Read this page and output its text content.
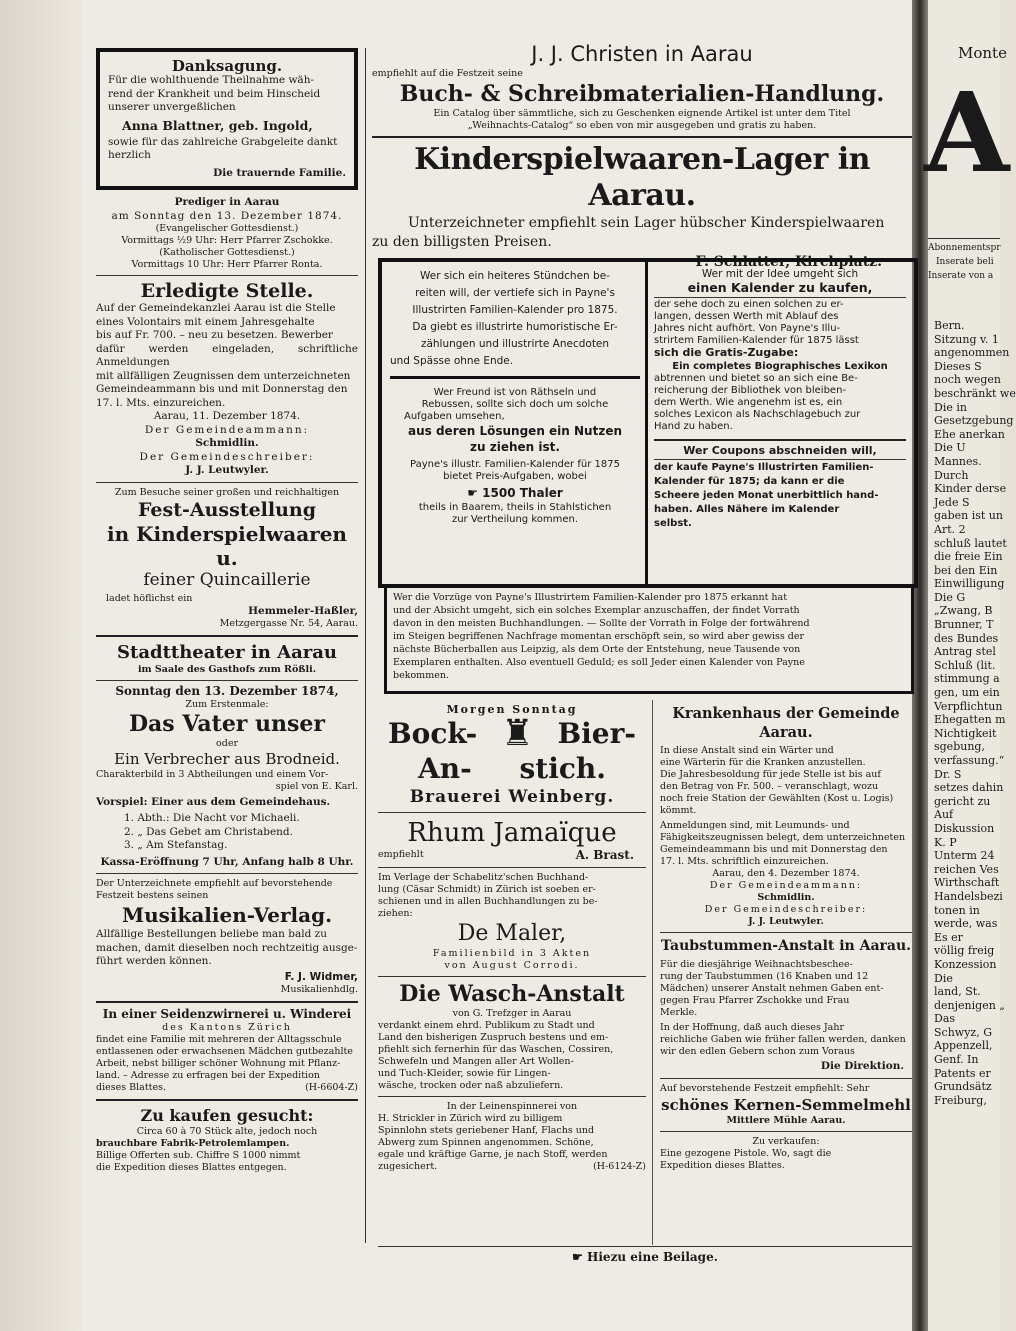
Danksagung.

Für die wohlthuende Theilnahme wäh-

rend der Krankheit und beim Hinscheid

unserer unvergeßlichen

Anna Blattner, geb. Ingold,

sowie für das zahlreiche Grabgeleite dankt

herzlich

Die trauernde Familie.

Prediger in Aarau

am Sonntag den 13. Dezember 1874.

(Evangelischer Gottesdienst.)

Vormittags ½9 Uhr: Herr Pfarrer Zschokke.

(Katholischer Gottesdienst.)

Vormittags 10 Uhr: Herr Pfarrer Ronta.

Erledigte Stelle.

Auf der Gemeindekanzlei Aarau ist die Stelle

eines Volontairs mit einem Jahresgehalte

bis auf Fr. 700. – neu zu besetzen. Bewerber

dafür werden eingeladen, schriftliche Anmeldungen

mit allfälligen Zeugnissen dem unterzeichneten

Gemeindeammann bis und mit Donnerstag den

17. l. Mts. einzureichen.

Aarau, 11. Dezember 1874.

Der Gemeindeammann:

Schmidlin.

Der Gemeindeschreiber:

J. J. Leutwyler.

Zum Besuche seiner großen und reichhaltigen

Fest-Ausstellung

in Kinderspielwaaren u.

feiner Quincaillerie

ladet höflichst ein

Hemmeler-Haßler,

Metzgergasse Nr. 54, Aarau.

Stadttheater in Aarau

im Saale des Gasthofs zum Rößli.

Sonntag den 13. Dezember 1874,

Zum Erstenmale:

Das Vater unser

oder

Ein Verbrecher aus Brodneid.

Charakterbild in 3 Abtheilungen und einem Vor-

spiel von E. Karl.

Vorspiel: Einer aus dem Gemeindehaus.

1. Abth.: Die Nacht vor Michaeli.

2. „ Das Gebet am Christabend.

3. „ Am Stefanstag.

Kassa-Eröffnung 7 Uhr, Anfang halb 8 Uhr.

Der Unterzeichnete empfiehlt auf bevorstehende

Festzeit bestens seinen

Musikalien-Verlag.

Allfällige Bestellungen beliebe man bald zu

machen, damit dieselben noch rechtzeitig ausge-

führt werden können.

F. J. Widmer,

Musikalienhdlg.

In einer Seidenzwirnerei u. Winderei

des Kantons Zürich

findet eine Familie mit mehreren der Alltagsschule

entlassenen oder erwachsenen Mädchen gutbezahlte

Arbeit, nebst billiger schöner Wohnung mit Pflanz-

land. – Adresse zu erfragen bei der Expedition

dieses Blattes.	(H-6604-Z)

Zu kaufen gesucht:

Circa 60 à 70 Stück alte, jedoch noch

brauchbare Fabrik-Petrolemlampen.

Billige Offerten sub. Chiffre S 1000 nimmt

die Expedition dieses Blattes entgegen.

J. J. Christen in Aarau

empfiehlt auf die Festzeit seine

Buch- & Schreibmaterialien-Handlung.

Ein Catalog über sämmtliche, sich zu Geschenken eignende Artikel ist unter dem Titel

„Weihnachts-Catalog“ so eben von mir ausgegeben und gratis zu haben.

Kinderspielwaaren-Lager in Aarau.

Unterzeichneter empfiehlt sein Lager hübscher Kinderspielwaaren

zu den billigsten Preisen.

F. Schlatter, Kirchplatz.

Wer sich ein heiteres Stündchen be-

reiten will, der vertiefe sich in Payne's

Illustrirten Familien-Kalender pro 1875.

Da giebt es illustrirte humoristische Er-

zählungen und illustrirte Anecdoten

und Spässe ohne Ende.

Wer Freund ist von Räthseln und

Rebussen, sollte sich doch um solche

Aufgaben umsehen,

aus deren Lösungen ein Nutzen

zu ziehen ist.

Payne's illustr. Familien-Kalender für 1875

bietet Preis-Aufgaben, wobei

☛ 1500 Thaler

theils in Baarem, theils in Stahlstichen

zur Vertheilung kommen.

Wer mit der Idee umgeht sich

einen Kalender zu kaufen,

der sehe doch zu einen solchen zu er-

langen, dessen Werth mit Ablauf des

Jahres nicht aufhört. Von Payne's Illu-

strirtem Familien-Kalender für 1875 lässt

sich die Gratis-Zugabe:

Ein completes Biographisches Lexikon

abtrennen und bietet so an sich eine Be-

reicherung der Bibliothek von bleiben-

dem Werth. Wie angenehm ist es, ein

solches Lexicon als Nachschlagebuch zur

Hand zu haben.

Wer Coupons abschneiden will,

der kaufe Payne's Illustrirten Familien-

Kalender für 1875; da kann er die

Scheere jeden Monat unerbittlich hand-

haben. Alles Nähere im Kalender

selbst.

Wer die Vorzüge von Payne's Illustrirtem Familien-Kalender pro 1875 erkannt hat

und der Absicht umgeht, sich ein solches Exemplar anzuschaffen, der findet Vorrath

davon in den meisten Buchhandlungen. — Sollte der Vorrath in Folge der fortwährend

im Steigen begriffenen Nachfrage momentan erschöpft sein, so wird aber gewiss der

nächste Bücherballen aus Leipzig, als dem Orte der Entstehung, neue Tausende von

Exemplaren enthalten. Also eventuell Geduld; es soll Jeder einen Kalender von Payne

bekommen.

Morgen Sonntag

Bock- ♜ Bier-
An- stich.

Brauerei Weinberg.

Rhum Jamaïque

empfiehlt	A. Brast.

Im Verlage der Schabelitz'schen Buchhand-

lung (Cäsar Schmidt) in Zürich ist soeben er-

schienen und in allen Buchhandlungen zu be-

ziehen:

De Maler,

Familienbild in 3 Akten

von August Corrodi.

Die Wasch-Anstalt

von G. Trefzger in Aarau

verdankt einem ehrd. Publikum zu Stadt und

Land den bisherigen Zuspruch bestens und em-

pfiehlt sich fernerhin für das Waschen, Cossiren,

Schwefeln und Mangen aller Art Wollen-

und Tuch-Kleider, sowie für Lingen-

wäsche, trocken oder naß abzuliefern.

In der Leinenspinnerei von

H. Strickler in Zürich wird zu billigem

Spinnlohn stets geriebener Hanf, Flachs und

Abwerg zum Spinnen angenommen. Schöne,

egale und kräftige Garne, je nach Stoff, werden

zugesichert.	(H-6124-Z)

Krankenhaus der Gemeinde Aarau.

In diese Anstalt sind ein Wärter und

eine Wärterin für die Kranken anzustellen.

Die Jahresbesoldung für jede Stelle ist bis auf

den Betrag von Fr. 500. – veranschlagt, wozu

noch freie Station der Gewählten (Kost u. Logis)

kömmt.

Anmeldungen sind, mit Leumunds- und

Fähigkeitszeugnissen belegt, dem unterzeichneten

Gemeindeammann bis und mit Donnerstag den

17. l. Mts. schriftlich einzureichen.

Aarau, den 4. Dezember 1874.

Der Gemeindeammann:

Schmidlin.

Der Gemeindeschreiber:

J. J. Leutwyler.

Taubstummen-Anstalt in Aarau.

Für die diesjährige Weihnachtsbeschee-

rung der Taubstummen (16 Knaben und 12

Mädchen) unserer Anstalt nehmen Gaben ent-

gegen Frau Pfarrer Zschokke und Frau

Merkle.

In der Hoffnung, daß auch dieses Jahr

reichliche Gaben wie früher fallen werden, danken

wir den edlen Gebern schon zum Voraus

Die Direktion.

Auf bevorstehende Festzeit empfiehlt: Sehr

schönes Kernen-Semmelmehl

Mittlere Mühle Aarau.

Zu verkaufen:

Eine gezogene Pistole. Wo, sagt die

Expedition dieses Blattes.

☛ Hiezu eine Beilage.
Monte
A
Abonnementspr
Inserate beli
Inserate von a
Bern.
Sitzung v. 1
angenommen
Dieses S
noch wegen
beschränkt we
Die in
Gesetzgebung
Ehe anerkan
Die U
Mannes.
Durch
Kinder derse
Jede S
gaben ist un
Art. 2
schluß lautet
die freie Ein
bei den Ein
Einwilligung
Die G
„Zwang, B
Brunner, T
des Bundes
Antrag stel
Schluß (lit.
stimmung a
gen, um ein
Verpflichtun
Ehegatten m
Nichtigkeit
sgebung,
verfassung.“
Dr. S
setzes dahin
gericht zu
Auf
Diskussion
K. P
Unterm 24
reichen Ves
Wirthschaft
Handelsbezi
tonen in
werde, was
Es er
völlig freig
Konzession
Die
land, St.
denjenigen „
Das
Schwyz, G
Appenzell,
Genf. In
Patents er
Grundsätz
Freiburg,
